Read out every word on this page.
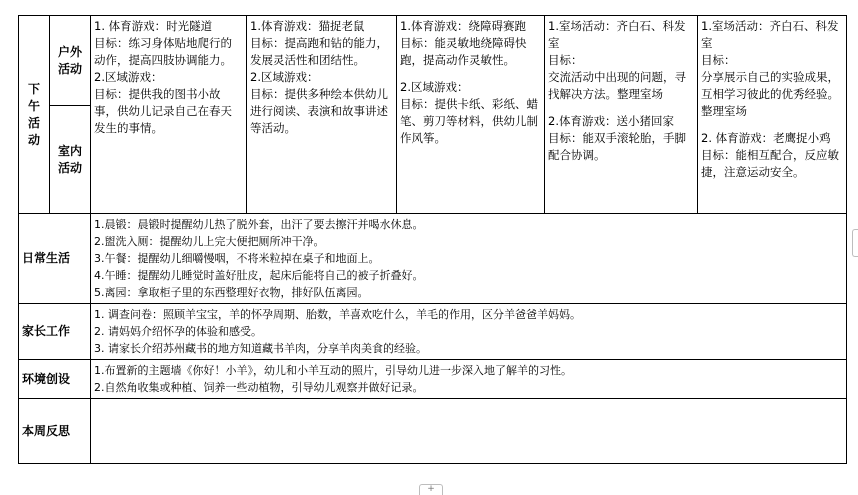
下
午
活
动	户外活动	1. 体育游戏：时光隧道
目标：练习身体贴地爬行的动作，提高四肢协调能力。
2.区域游戏：
目标：提供我的图书小故事，供幼儿记录自己在春天发生的事情。	1.体育游戏：猫捉老鼠
目标：提高跑和钻的能力，发展灵活性和团结性。
2.区域游戏：
目标：提供多种绘本供幼儿进行阅读、表演和故事讲述等活动。	1.体育游戏：绕障碍赛跑
目标：能灵敏地绕障碍快跑，提高动作灵敏性。
2.区域游戏：
目标：提供卡纸、彩纸、蜡笔、剪刀等材料，供幼儿制作风筝。	1.室场活动：齐白石、科发室
目标：
交流活动中出现的问题，寻找解决方法。整理室场
2.体育游戏：送小猪回家
目标：能双手滚轮胎，手脚配合协调。	1.室场活动：齐白石、科发室
目标：
分享展示自己的实验成果，互相学习彼此的优秀经验。整理室场
2. 体育游戏：老鹰捉小鸡
目标：能相互配合，反应敏捷，注意运动安全。

	室内活动					
日常生活		1.晨锻：晨锻时提醒幼儿热了脱外套，出汗了要去擦汗并喝水休息。
2.盥洗入厕：提醒幼儿上完大便把厕所冲干净。
3.午餐：提醒幼儿细嚼慢咽，不将米粒掉在桌子和地面上。
4.午睡：提醒幼儿睡觉时盖好肚皮，起床后能将自己的被子折叠好。
5.离园：拿取柜子里的东西整理好衣物，排好队伍离园。				

家长工作		1. 调查问卷：照顾羊宝宝，羊的怀孕周期、胎数，羊喜欢吃什么，羊毛的作用，区分羊爸爸羊妈妈。
2. 请妈妈介绍怀孕的体验和感受。
3. 请家长介绍苏州藏书的地方知道藏书羊肉，分享羊肉美食的经验。				

环境创设		1.布置新的主题墙《你好！小羊》，幼儿和小羊互动的照片，引导幼儿进一步深入地了解羊的习性。
2.自然角收集或种植、饲养一些动植物，引导幼儿观察并做好记录。				

本周反思						
+
